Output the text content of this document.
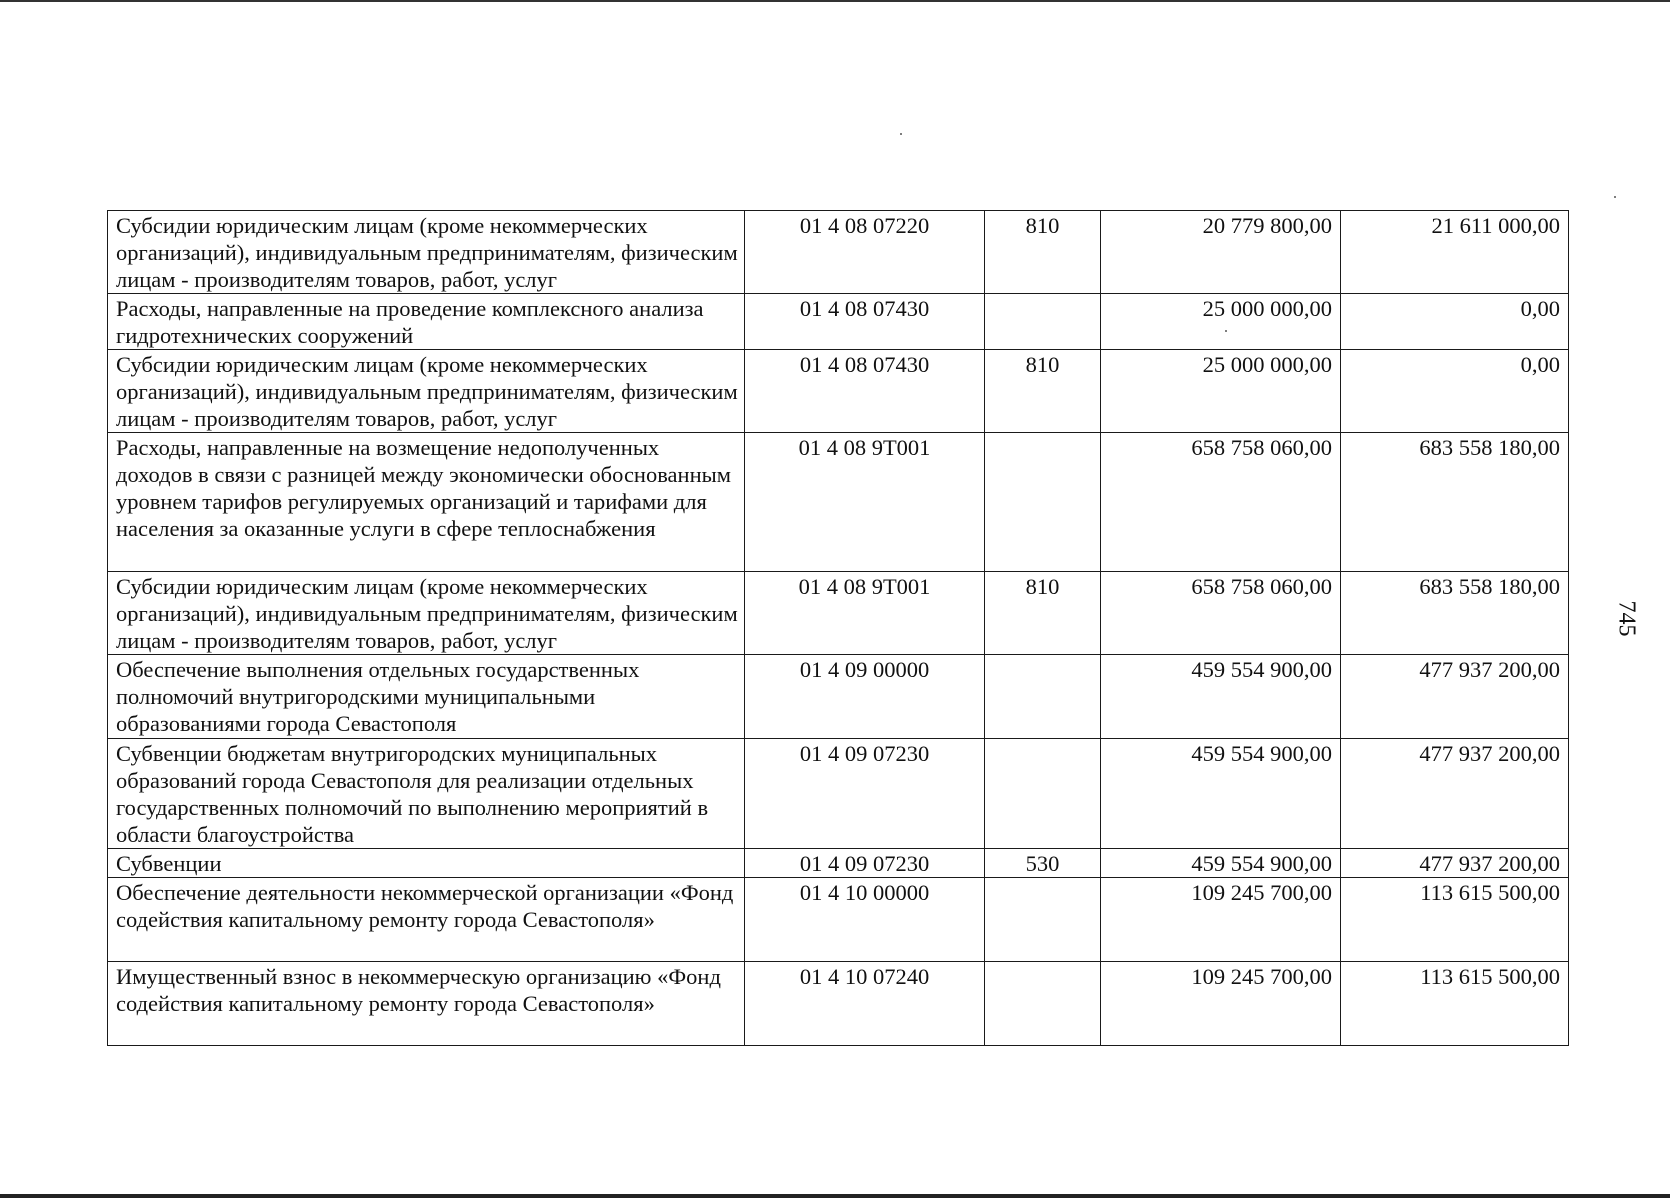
Субсидии юридическим лицам (кроме некоммерческих организаций), индивидуальным предпринимателям, физическим лицам - производителям товаров, работ, услуг	01 4 08 07220	810	20 779 800,00	21 611 000,00
Расходы, направленные на проведение комплексного анализа гидротехнических сооружений	01 4 08 07430		25 000 000,00	0,00
Субсидии юридическим лицам (кроме некоммерческих организаций), индивидуальным предпринимателям, физическим лицам - производителям товаров, работ, услуг	01 4 08 07430	810	25 000 000,00	0,00
Расходы, направленные на возмещение недополученных доходов в связи с разницей между экономически обоснованным уровнем тарифов регулируемых организаций и тарифами для населения за оказанные услуги в сфере теплоснабжения	01 4 08 9Т001		658 758 060,00	683 558 180,00
Субсидии юридическим лицам (кроме некоммерческих организаций), индивидуальным предпринимателям, физическим лицам - производителям товаров, работ, услуг	01 4 08 9Т001	810	658 758 060,00	683 558 180,00
Обеспечение выполнения отдельных государственных полномочий внутригородскими муниципальными образованиями города Севастополя	01 4 09 00000		459 554 900,00	477 937 200,00
Субвенции бюджетам внутригородских муниципальных образований города Севастополя для реализации отдельных государственных полномочий по выполнению мероприятий в области благоустройства	01 4 09 07230		459 554 900,00	477 937 200,00
Субвенции	01 4 09 07230	530	459 554 900,00	477 937 200,00
Обеспечение деятельности некоммерческой организации «Фонд содействия капитальному ремонту города Севастополя»	01 4 10 00000		109 245 700,00	113 615 500,00
Имущественный взнос в некоммерческую организацию «Фонд содействия капитальному ремонту города Севастополя»	01 4 10 07240		109 245 700,00	113 615 500,00
745
